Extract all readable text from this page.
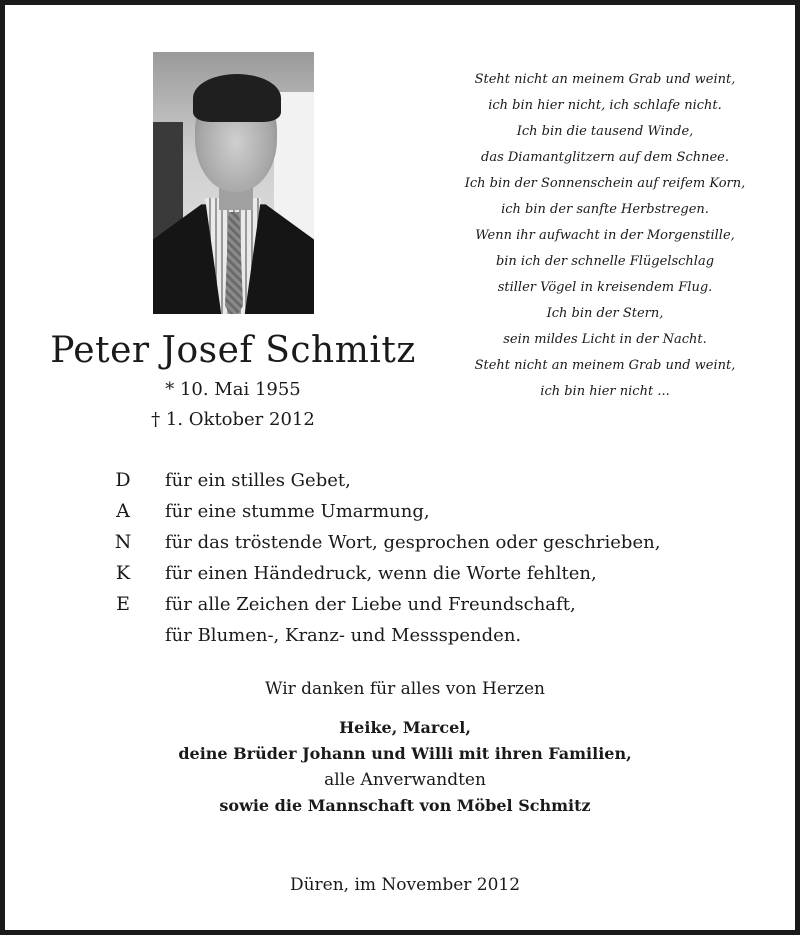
Peter Josef Schmitz
* 10. Mai 1955
† 1. Oktober 2012
Steht nicht an meinem Grab und weint,
ich bin hier nicht, ich schlafe nicht.
Ich bin die tausend Winde,
das Diamantglitzern auf dem Schnee.
Ich bin der Sonnenschein auf reifem Korn,
ich bin der sanfte Herbstregen.
Wenn ihr aufwacht in der Morgenstille,
bin ich der schnelle Flügelschlag
stiller Vögel in kreisendem Flug.
Ich bin der Stern,
sein mildes Licht in der Nacht.
Steht nicht an meinem Grab und weint,
ich bin hier nicht ...
D
A
N
K
E
für ein stilles Gebet,
für eine stumme Umarmung,
für das tröstende Wort, gesprochen oder geschrieben,
für einen Händedruck, wenn die Worte fehlten,
für alle Zeichen der Liebe und Freundschaft,
für Blumen-, Kranz- und Messspenden.
Wir danken für alles von Herzen
Heike, Marcel,
deine Brüder Johann und Willi mit ihren Familien,
alle Anverwandten
sowie die Mannschaft von Möbel Schmitz
Düren, im November 2012
